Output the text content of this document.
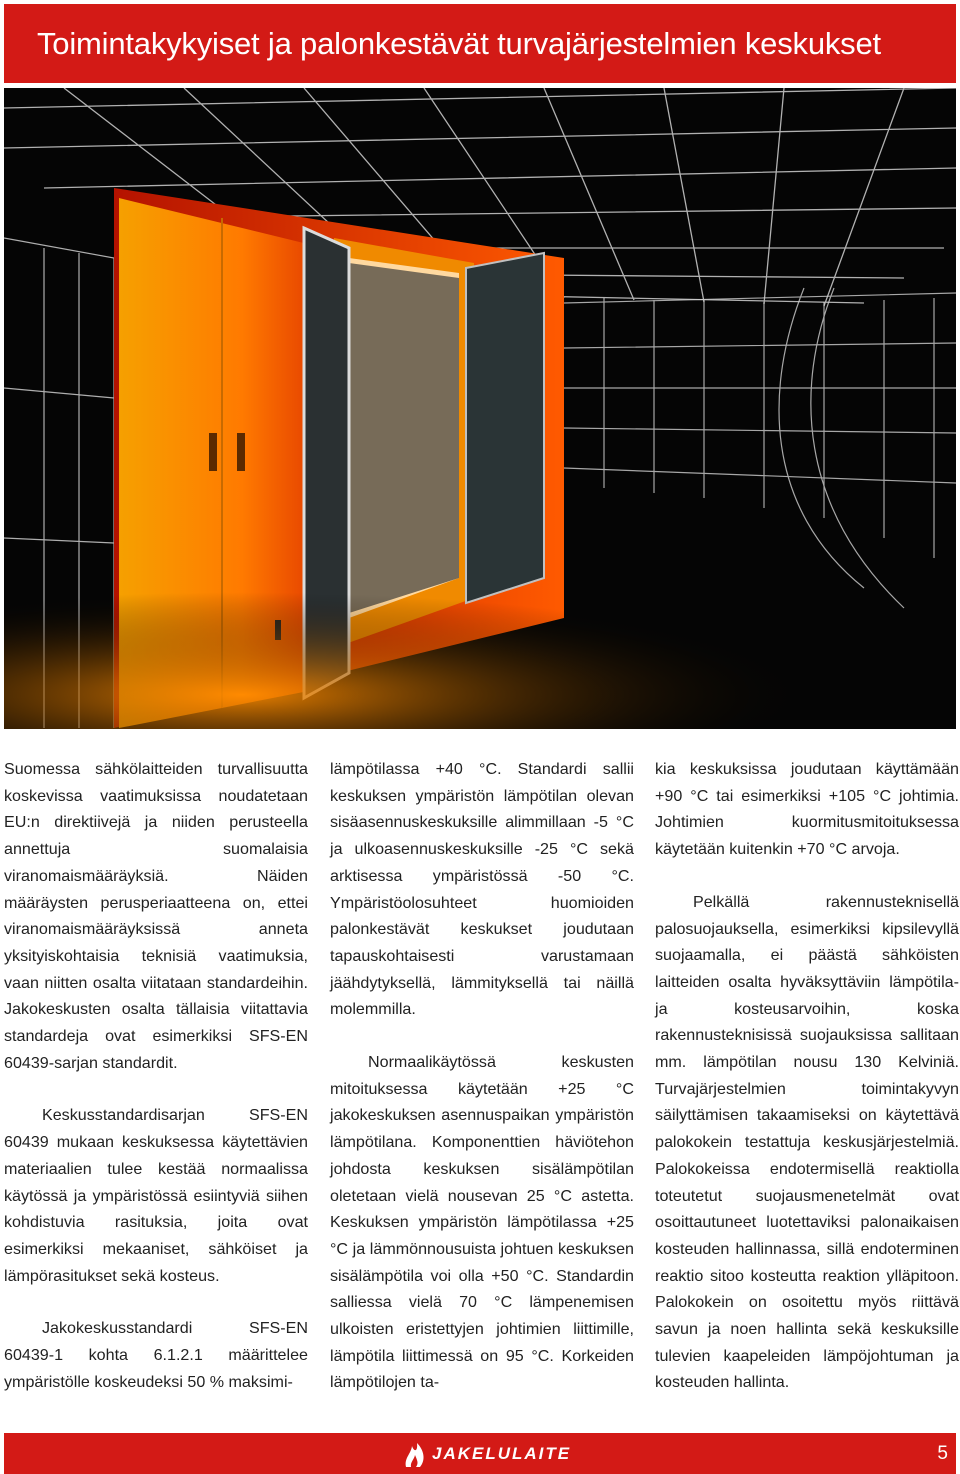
Toimintakykyiset ja palonkestävät turvajärjestelmien keskukset

Suomessa sähkölaitteiden turvallisuutta koskevissa vaatimuksissa noudatetaan EU:n direktiivejä ja niiden perusteella annettuja suomalaisia viranomaismääräyksiä. Näiden määräysten perusperiaatteena on, ettei viranomaismääräyksissä anneta yksityiskohtaisia teknisiä vaatimuksia, vaan niitten osalta viitataan standardeihin. Jakokeskusten osalta tällaisia viitattavia standardeja ovat esimerkiksi SFS-EN 60439-sarjan standardit.

Keskusstandardisarjan SFS-EN 60439 mukaan keskuksessa käytettävien materiaalien tulee kestää normaalissa käytössä ja ympäristössä esiintyviä siihen kohdistuvia rasituksia, joita ovat esimerkiksi mekaaniset, sähköiset ja lämpörasitukset sekä kosteus.

Jakokeskusstandardi SFS-EN 60439-1 kohta 6.1.2.1 määrittelee ympäristölle koskeudeksi 50 % maksimi-

lämpötilassa +40 °C. Standardi sallii keskuksen ympäristön lämpötilan olevan sisäasennuskeskuksille alimmillaan -5 °C ja ulkoasennuskeskuksille -25 °C sekä arktisessa ympäristössä -50 °C. Ympäristöolosuhteet huomioiden palonkestävät keskukset joudutaan tapauskohtaisesti varustamaan jäähdytyksellä, lämmityksellä tai näillä molemmilla.

Normaalikäytössä keskusten mitoituksessa käytetään +25 °C jakokeskuksen asennuspaikan ympäristön lämpötilana. Komponenttien häviötehon johdosta keskuksen sisälämpötilan oletetaan vielä nousevan 25 °C astetta. Keskuksen ympäristön lämpötilassa +25 °C ja lämmönnousuista johtuen keskuksen sisälämpötila voi olla +50 °C. Standardin salliessa vielä 70 °C lämpenemisen ulkoisten eristettyjen johtimien liittimille, lämpötila liittimessä on 95 °C. Korkeiden lämpötilojen ta-

kia keskuksissa joudutaan käyttämään +90 °C tai esimerkiksi +105 °C johtimia. Johtimien kuormitusmitoituksessa käytetään kuitenkin +70 °C arvoja.

Pelkällä rakennusteknisellä palosuojauksella, esimerkiksi kipsilevyllä suojaamalla, ei päästä sähköisten laitteiden osalta hyväksyttäviin lämpötila- ja kosteusarvoihin, koska rakennusteknisissä suojauksissa sallitaan mm. lämpötilan nousu 130 Kelviniä. Turvajärjestelmien toimintakyvyn säilyttämisen takaamiseksi on käytettävä palokokein testattuja keskusjärjestelmiä. Palokokeissa endotermisellä reaktiolla toteutetut suojausmenetelmät ovat osoittautuneet luotettaviksi palonaikaisen kosteuden hallinnassa, sillä endoterminen reaktio sitoo kosteutta reaktion ylläpitoon. Palokokein on osoitettu myös riittävä savun ja noen hallinta sekä keskuksille tulevien kaapeleiden lämpöjohtuman ja kosteuden hallinta.

JAKELULAITE	5
